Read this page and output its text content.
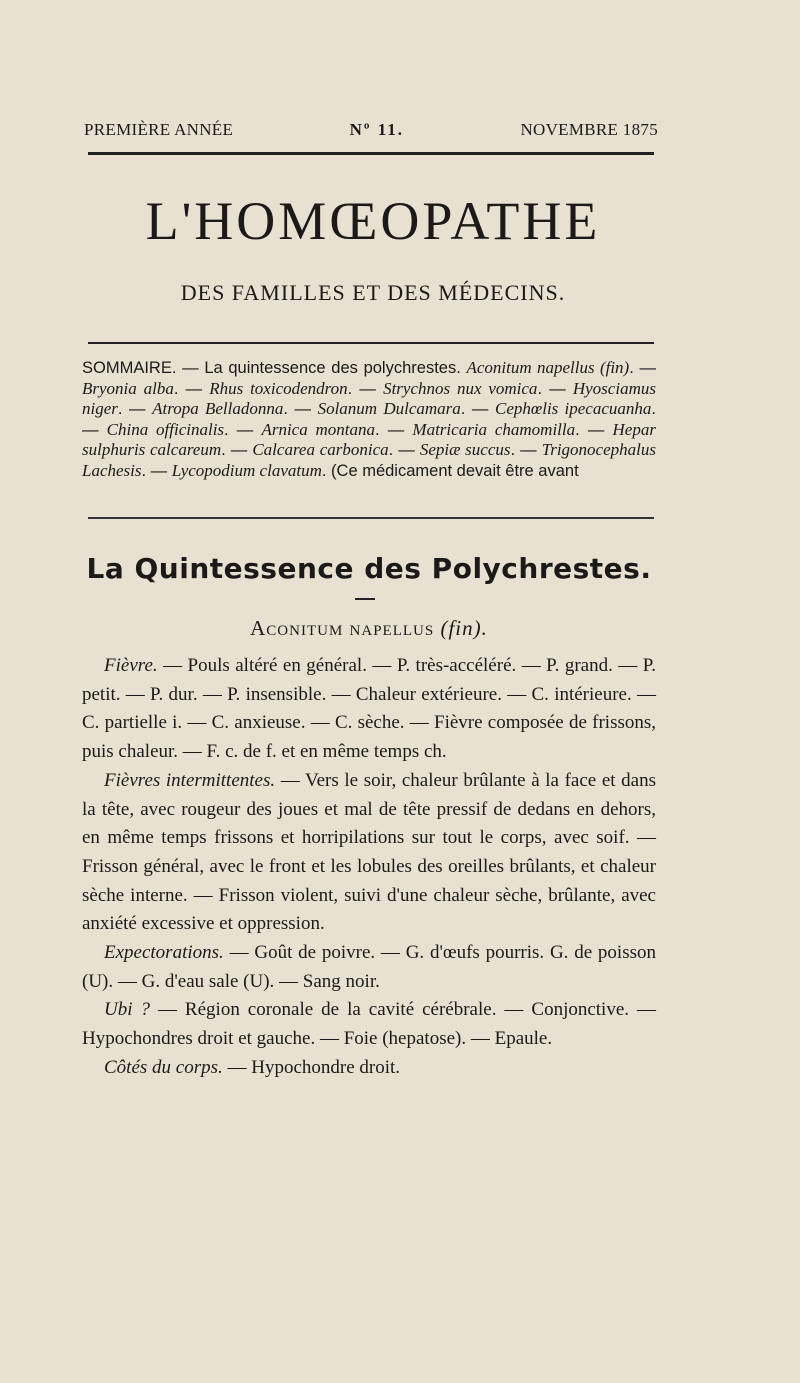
PREMIÈRE ANNÉE	Nº 11.	NOVEMBRE 1875
L'HOMŒOPATHE
DES FAMILLES ET DES MÉDECINS.
SOMMAIRE. — La quintessence des polychrestes. Aconitum napellus (fin). — Bryonia alba. — Rhus toxicodendron. — Strychnos nux vomica. — Hyosciamus niger. — Atropa Belladonna. — Solanum Dulcamara. — Cephœlis ipecacuanha. — China officinalis. — Arnica montana. — Matricaria chamomilla. — Hepar sulphuris calcareum. — Calcarea carbonica. — Sepiæ succus. — Trigonocephalus Lachesis. — Lycopodium clavatum. (Ce médicament devait être avant
La Quintessence des Polychrestes.
Aconitum napellus (fin).

Fièvre. — Pouls altéré en général. — P. très-accéléré. — P. grand. — P. petit. — P. dur. — P. insensible. — Chaleur extérieure. — C. intérieure. — C. partielle i. — C. anxieuse. — C. sèche. — Fièvre composée de frissons, puis chaleur. — F. c. de f. et en même temps ch.

Fièvres intermittentes. — Vers le soir, chaleur brûlante à la face et dans la tête, avec rougeur des joues et mal de tête pressif de dedans en dehors, en même temps frissons et horripilations sur tout le corps, avec soif. — Frisson général, avec le front et les lobules des oreilles brûlants, et chaleur sèche interne. — Frisson violent, suivi d'une chaleur sèche, brûlante, avec anxiété excessive et oppression.

Expectorations. — Goût de poivre. — G. d'œufs pourris. G. de poisson (U). — G. d'eau sale (U). — Sang noir.

Ubi ? — Région coronale de la cavité cérébrale. — Conjonctive. — Hypochondres droit et gauche. — Foie (hepatose). — Epaule.

Côtés du corps. — Hypochondre droit.
